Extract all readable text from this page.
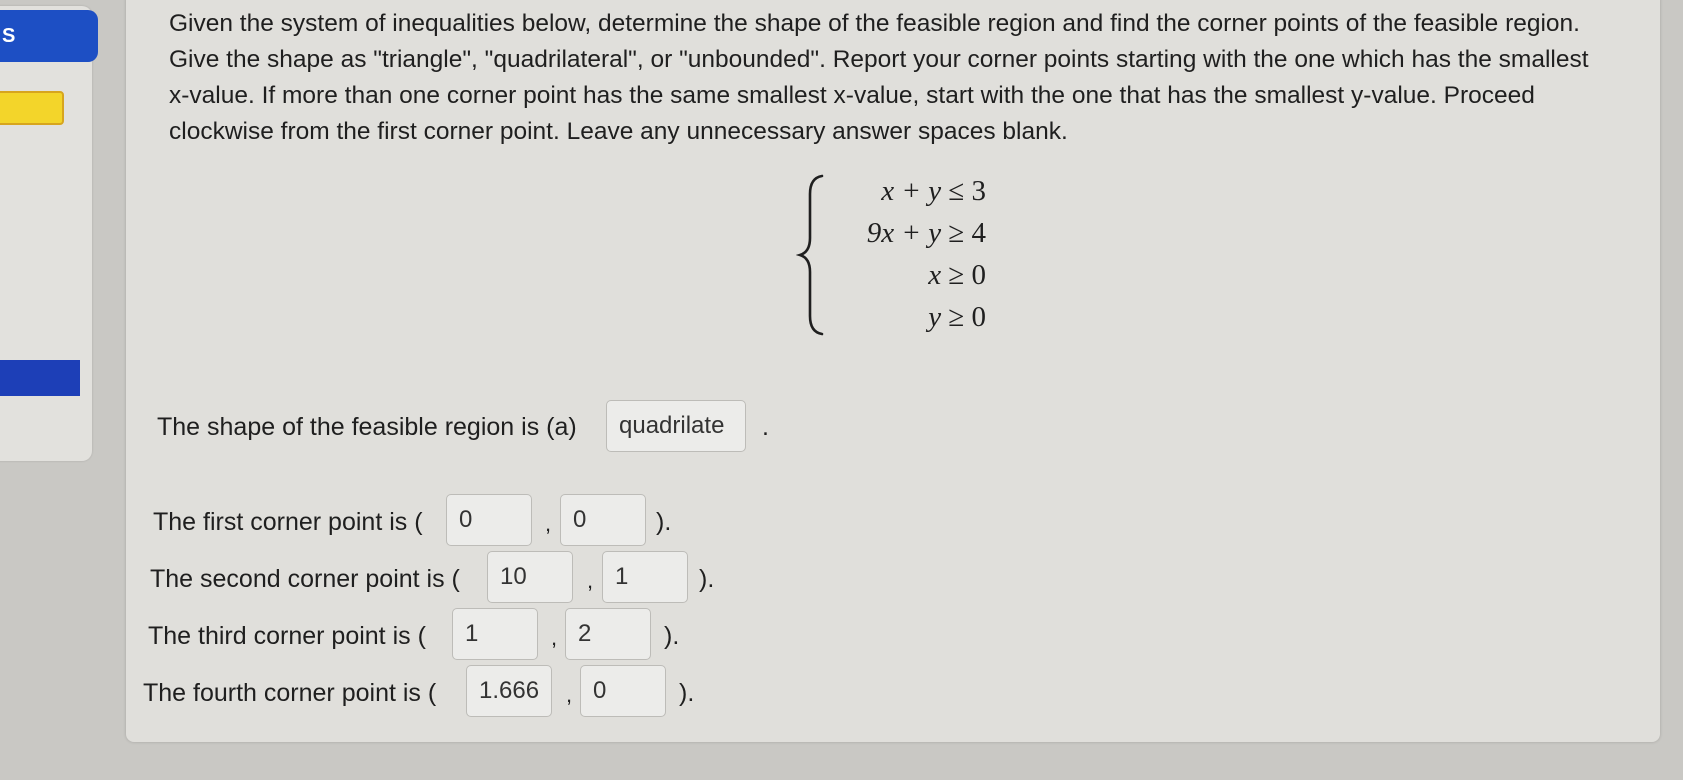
S	Given the system of inequalities below, determine the shape of the feasible region and find the corner points of the feasible region. Give the shape as "triangle", "quadrilateral", or "unbounded". Report your corner points starting with the one which has the smallest x-value. If more than one corner point has the same smallest x-value, start with the one that has the smallest y-value. Proceed clockwise from the first corner point. Leave any unnecessary answer spaces blank.

x + y ≤ 3
9x + y ≥ 4
x ≥ 0
y ≥ 0
The shape of the feasible region is (a)	quadrilate	.
The first corner point is (	0	, 0	).
The second corner point is (	10	, 1	).
The third corner point is (	1	, 2	).
The fourth corner point is (	1.666	, 0	).
